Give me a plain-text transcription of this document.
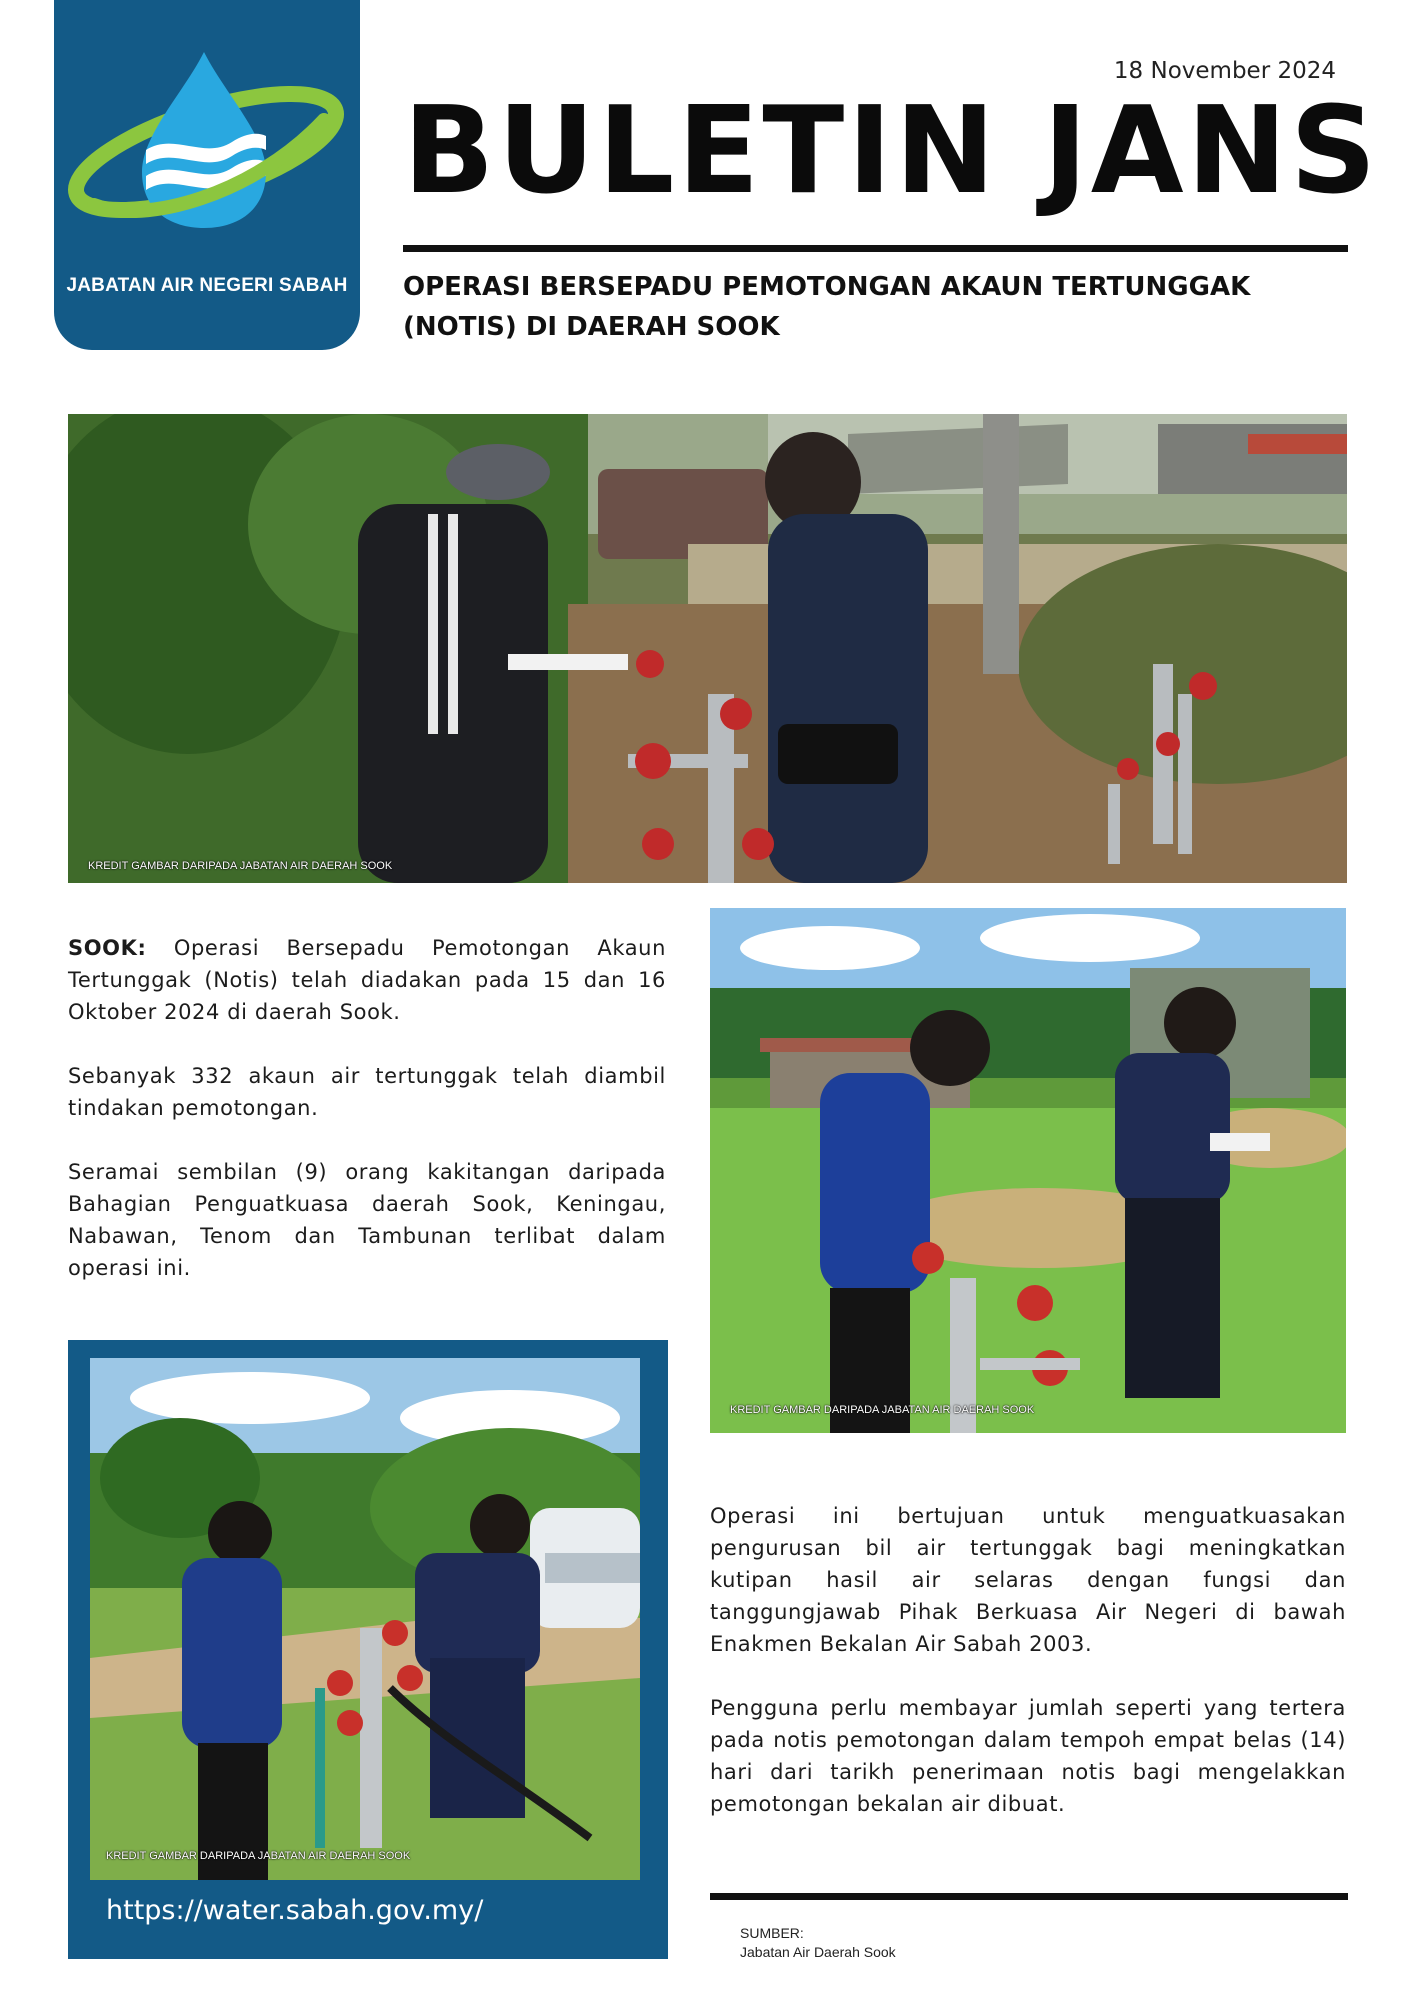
JABATAN AIR NEGERI SABAH
18 November 2024
BULETIN JANS
OPERASI BERSEPADU PEMOTONGAN AKAUN TERTUNGGAK (NOTIS) DI DAERAH SOOK
KREDIT GAMBAR DARIPADA JABATAN AIR DAERAH SOOK

SOOK: Operasi Bersepadu Pemotongan Akaun Tertunggak (Notis) telah diadakan pada 15 dan 16 Oktober 2024 di daerah Sook.

Sebanyak 332 akaun air tertunggak telah diambil tindakan pemotongan.

Seramai sembilan (9) orang kakitangan daripada Bahagian Penguatkuasa daerah Sook, Keningau, Nabawan, Tenom dan Tambunan terlibat dalam operasi ini.

KREDIT GAMBAR DARIPADA JABATAN AIR DAERAH SOOK

Operasi ini bertujuan untuk menguatkuasakan pengurusan bil air tertunggak bagi meningkatkan kutipan hasil air selaras dengan fungsi dan tanggungjawab Pihak Berkuasa Air Negeri di bawah Enakmen Bekalan Air Sabah 2003.

Pengguna perlu membayar jumlah seperti yang tertera pada notis pemotongan dalam tempoh empat belas (14) hari dari tarikh penerimaan notis bagi mengelakkan pemotongan bekalan air dibuat.

KREDIT GAMBAR DARIPADA JABATAN AIR DAERAH SOOK
https://water.sabah.gov.my/
SUMBER:
Jabatan Air Daerah Sook
